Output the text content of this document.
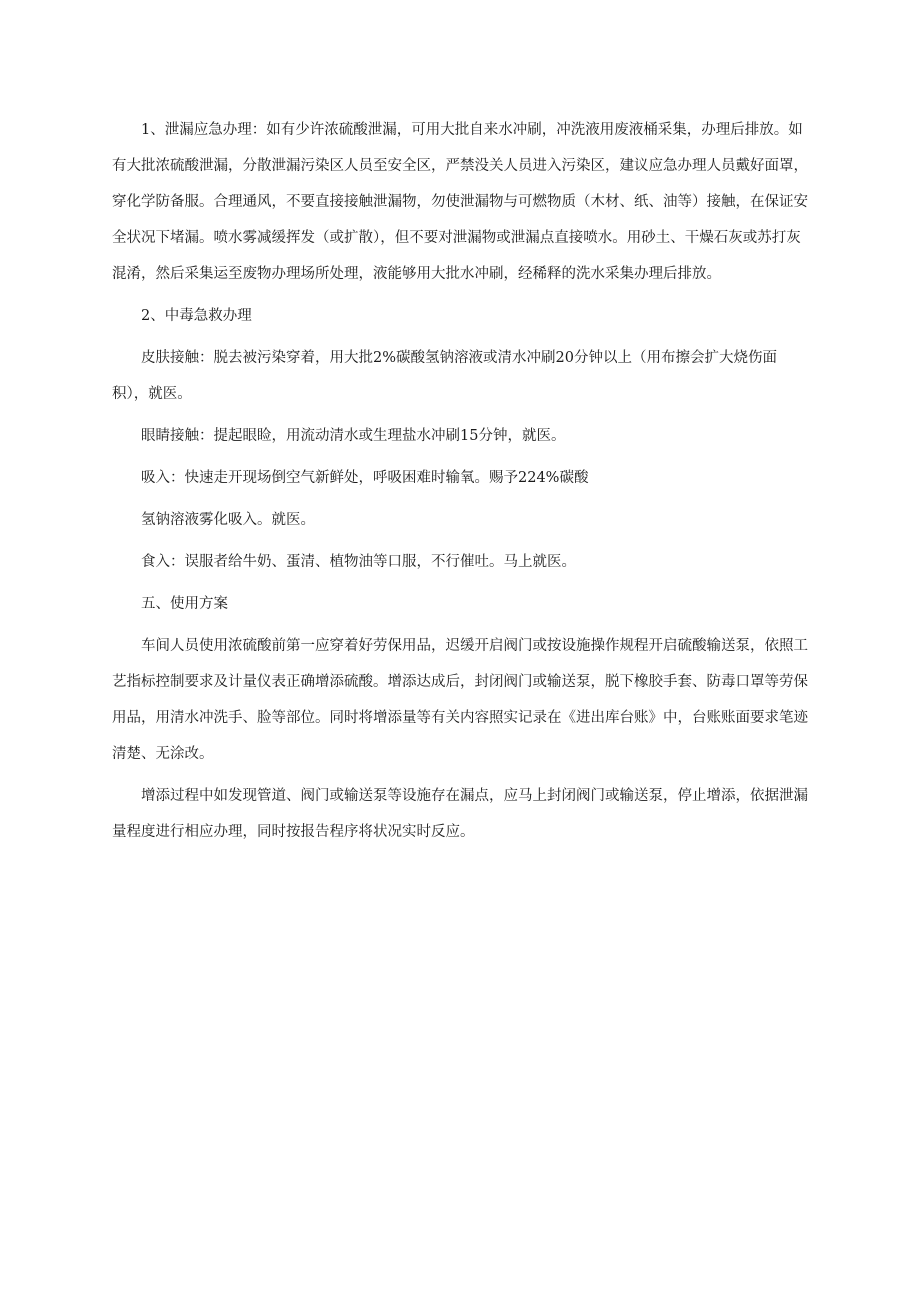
1、泄漏应急办理：如有少许浓硫酸泄漏，可用大批自来水冲刷，冲洗液用废液桶采集，办理后排放。如有大批浓硫酸泄漏，分散泄漏污染区人员至安全区，严禁没关人员进入污染区，建议应急办理人员戴好面罩，穿化学防备服。合理通风，不要直接接触泄漏物，勿使泄漏物与可燃物质（木材、纸、油等）接触，在保证安全状况下堵漏。喷水雾减缓挥发（或扩散），但不要对泄漏物或泄漏点直接喷水。用砂土、干燥石灰或苏打灰混淆，然后采集运至废物办理场所处理，液能够用大批水冲刷，经稀释的洗水采集办理后排放。

2、中毒急救办理

皮肤接触：脱去被污染穿着，用大批2%碳酸氢钠溶液或清水冲刷20分钟以上（用布擦会扩大烧伤面积），就医。

眼睛接触：提起眼睑，用流动清水或生理盐水冲刷15分钟，就医。

吸入：快速走开现场倒空气新鲜处，呼吸困难时输氧。赐予224%碳酸

氢钠溶液雾化吸入。就医。

食入：误服者给牛奶、蛋清、植物油等口服，不行催吐。马上就医。

五、使用方案

车间人员使用浓硫酸前第一应穿着好劳保用品，迟缓开启阀门或按设施操作规程开启硫酸输送泵，依照工艺指标控制要求及计量仪表正确增添硫酸。增添达成后，封闭阀门或输送泵，脱下橡胶手套、防毒口罩等劳保用品，用清水冲洗手、脸等部位。同时将增添量等有关内容照实记录在《进出库台账》中，台账账面要求笔迹清楚、无涂改。

增添过程中如发现管道、阀门或输送泵等设施存在漏点，应马上封闭阀门或输送泵，停止增添，依据泄漏量程度进行相应办理，同时按报告程序将状况实时反应。
